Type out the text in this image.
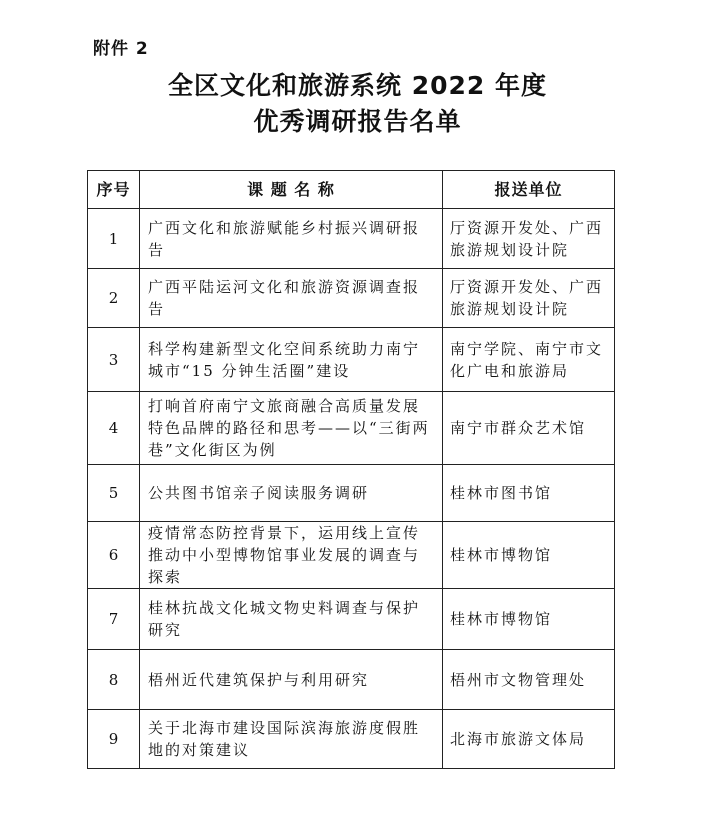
附件 2
全区文化和旅游系统 2022 年度
优秀调研报告名单
序号	课 题 名 称	报送单位
1	广西文化和旅游赋能乡村振兴调研报告	厅资源开发处、广西旅游规划设计院
2	广西平陆运河文化和旅游资源调查报告	厅资源开发处、广西旅游规划设计院
3	科学构建新型文化空间系统助力南宁城市“15 分钟生活圈”建设	南宁学院、南宁市文化广电和旅游局
4	打响首府南宁文旅商融合高质量发展特色品牌的路径和思考——以“三街两巷”文化街区为例	南宁市群众艺术馆
5	公共图书馆亲子阅读服务调研	桂林市图书馆
6	疫情常态防控背景下，运用线上宣传推动中小型博物馆事业发展的调查与探索	桂林市博物馆
7	桂林抗战文化城文物史料调查与保护研究	桂林市博物馆
8	梧州近代建筑保护与利用研究	梧州市文物管理处
9	关于北海市建设国际滨海旅游度假胜地的对策建议	北海市旅游文体局
